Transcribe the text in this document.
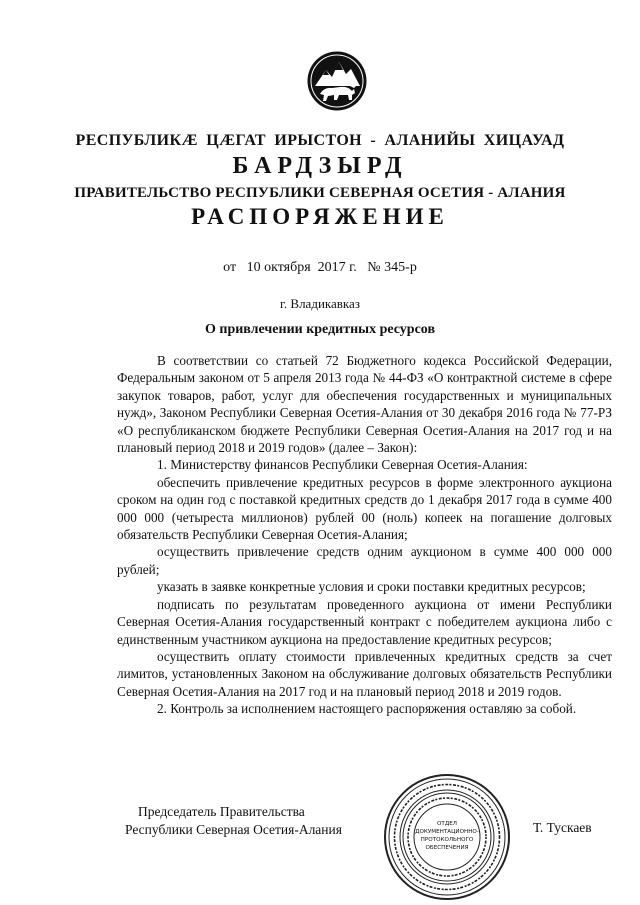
РЕСПУБЛИКӔ ЦӔГАТ ИРЫСТОН - АЛАНИЙЫ ХИЦАУАД
БАРДЗЫРД
ПРАВИТЕЛЬСТВО РЕСПУБЛИКИ СЕВЕРНАЯ ОСЕТИЯ - АЛАНИЯ
РАСПОРЯЖЕНИЕ
от   10 октября  2017 г.   № 345-р
г. Владикавказ
О привлечении кредитных ресурсов

В соответствии со статьей 72 Бюджетного кодекса Российской Федерации, Федеральным законом от 5 апреля 2013 года № 44-ФЗ «О контрактной системе в сфере закупок товаров, работ, услуг для обеспечения государственных и муниципальных нужд», Законом Республики Северная Осетия-Алания от 30 декабря 2016 года № 77-РЗ «О республиканском бюджете Республики Северная Осетия-Алания на 2017 год и на плановый период 2018 и 2019 годов» (далее – Закон):

1. Министерству финансов Республики Северная Осетия-Алания:

обеспечить привлечение кредитных ресурсов в форме электронного аукциона сроком на один год с поставкой кредитных средств до 1 декабря 2017 года в сумме 400 000 000 (четыреста миллионов) рублей 00 (ноль) копеек на погашение долговых обязательств Республики Северная Осетия-Алания;

осуществить привлечение средств одним аукционом в сумме 400 000 000 рублей;

указать в заявке конкретные условия и сроки поставки кредитных ресурсов;

подписать по результатам проведенного аукциона от имени Республики Северная Осетия-Алания государственный контракт с победителем аукциона либо с единственным участником аукциона на предоставление кредитных ресурсов;

осуществить оплату стоимости привлеченных кредитных средств за счет лимитов, установленных Законом на обслуживание долговых обязательств Республики Северная Осетия-Алания на 2017 год и на плановый период 2018 и 2019 годов.

2. Контроль за исполнением настоящего распоряжения оставляю за собой.

Председатель Правительства
Республики Северная Осетия-Алания	ОТДЕЛ
ДОКУМЕНТАЦИОННО-
ПРОТОКОЛЬНОГО
ОБЕСПЕЧЕНИЯ
Т. Тускаев
